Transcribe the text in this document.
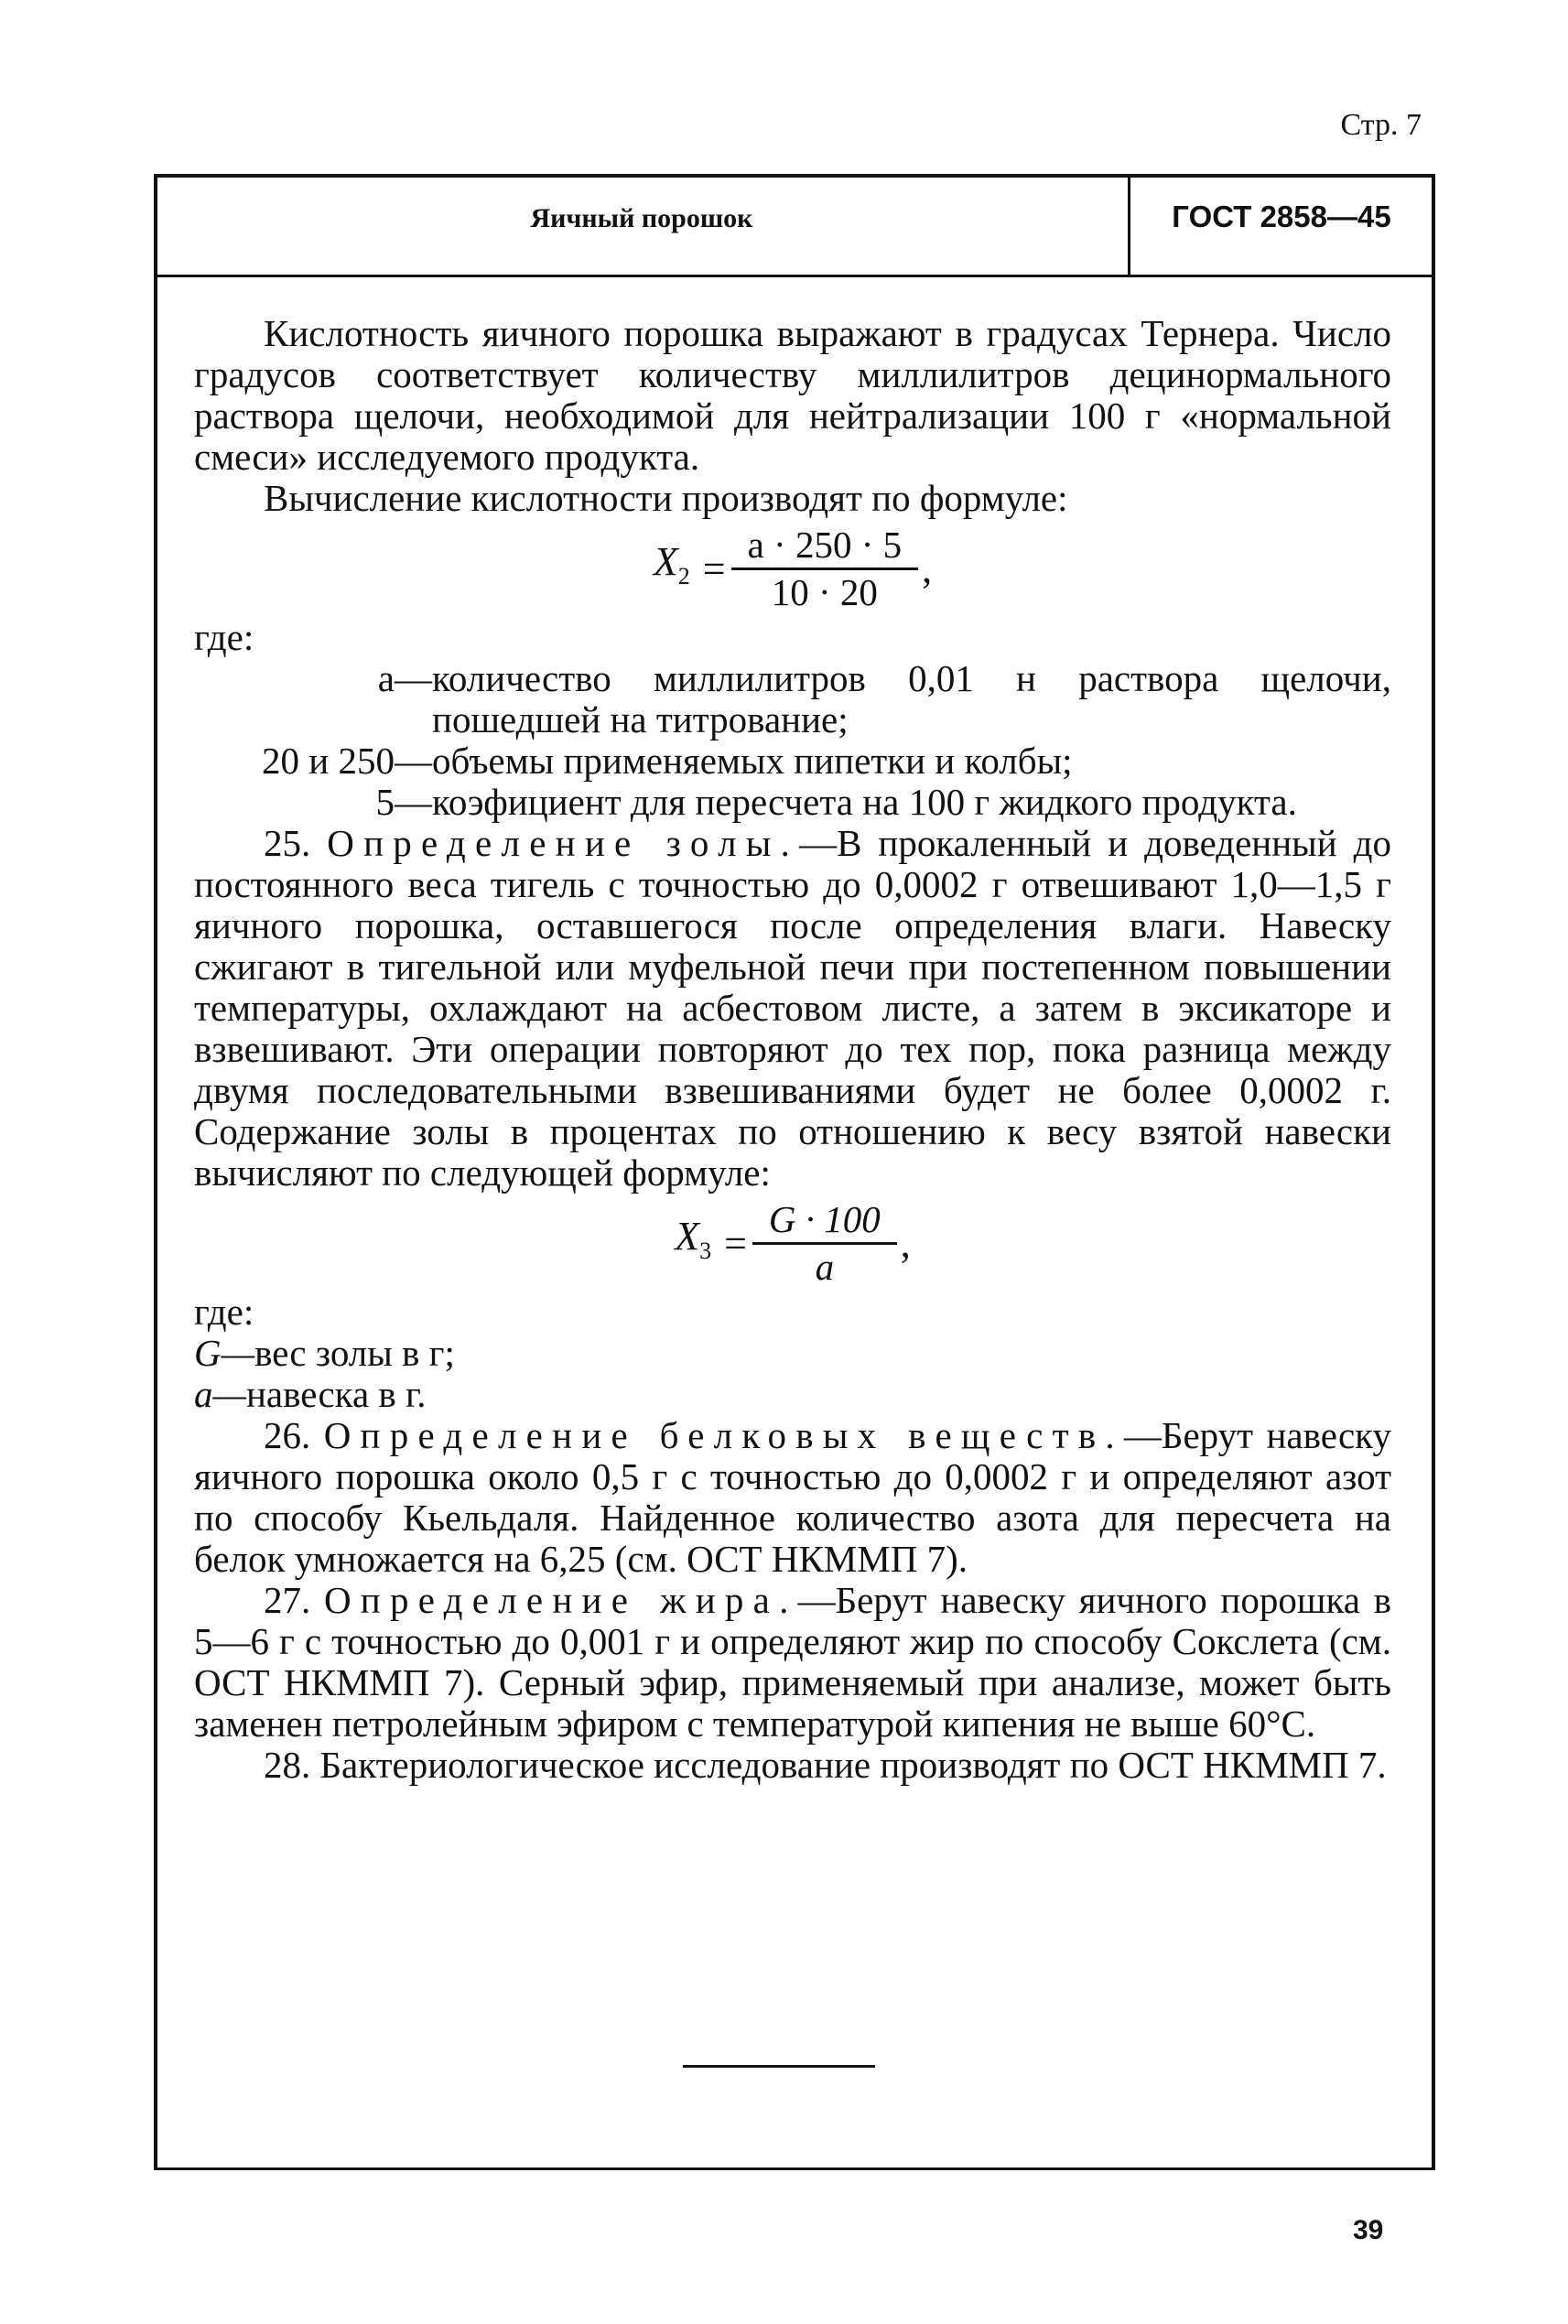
Стр. 7
Яичный порошок	ГОСТ 2858—45

Кислотность яичного порошка выражают в градусах Тернера. Число градусов соответствует количеству миллилитров децинормального раствора щелочи, необходимой для нейтрализации 100 г «нормальной смеси» исследуемого продукта.

Вычисление кислотности производят по формуле:

$X_2 = \frac{a \cdot 250 \cdot 5}{10 \cdot 20}$ ,

где:

a— количество миллилитров 0,01 н раствора щелочи, пошедшей на титрование;
20 и 250— объемы применяемых пипетки и колбы;
5— коэфициент для пересчета на 100 г жидкого продукта.

25. Определение золы.—В прокаленный и доведенный до постоянного веса тигель с точностью до 0,0002 г отвешивают 1,0—1,5 г яичного порошка, оставшегося после определения влаги. Навеску сжигают в тигельной или муфельной печи при постепенном повышении температуры, охлаждают на асбестовом листе, а затем в эксикаторе и взвешивают. Эти операции повторяют до тех пор, пока разница между двумя последовательными взвешиваниями будет не более 0,0002 г. Содержание золы в процентах по отношению к весу взятой навески вычисляют по следующей формуле:

$X_3 = \frac{G \cdot 100}{a}$ ,

где:

G—вес золы в г;

a—навеска в г.

26. Определение белковых веществ.—Берут навеску яичного порошка около 0,5 г с точностью до 0,0002 г и определяют азот по способу Кьельдаля. Найденное количество азота для пересчета на белок умножается на 6,25 (см. ОСТ НКММП 7).

27. Определение жира.—Берут навеску яичного порошка в 5—6 г с точностью до 0,001 г и определяют жир по способу Сокслета (см. ОСТ НКММП 7). Серный эфир, применяемый при анализе, может быть заменен петролейным эфиром с температурой кипения не выше 60°С.

28. Бактериологическое исследование производят по ОСТ НКММП 7.

39
